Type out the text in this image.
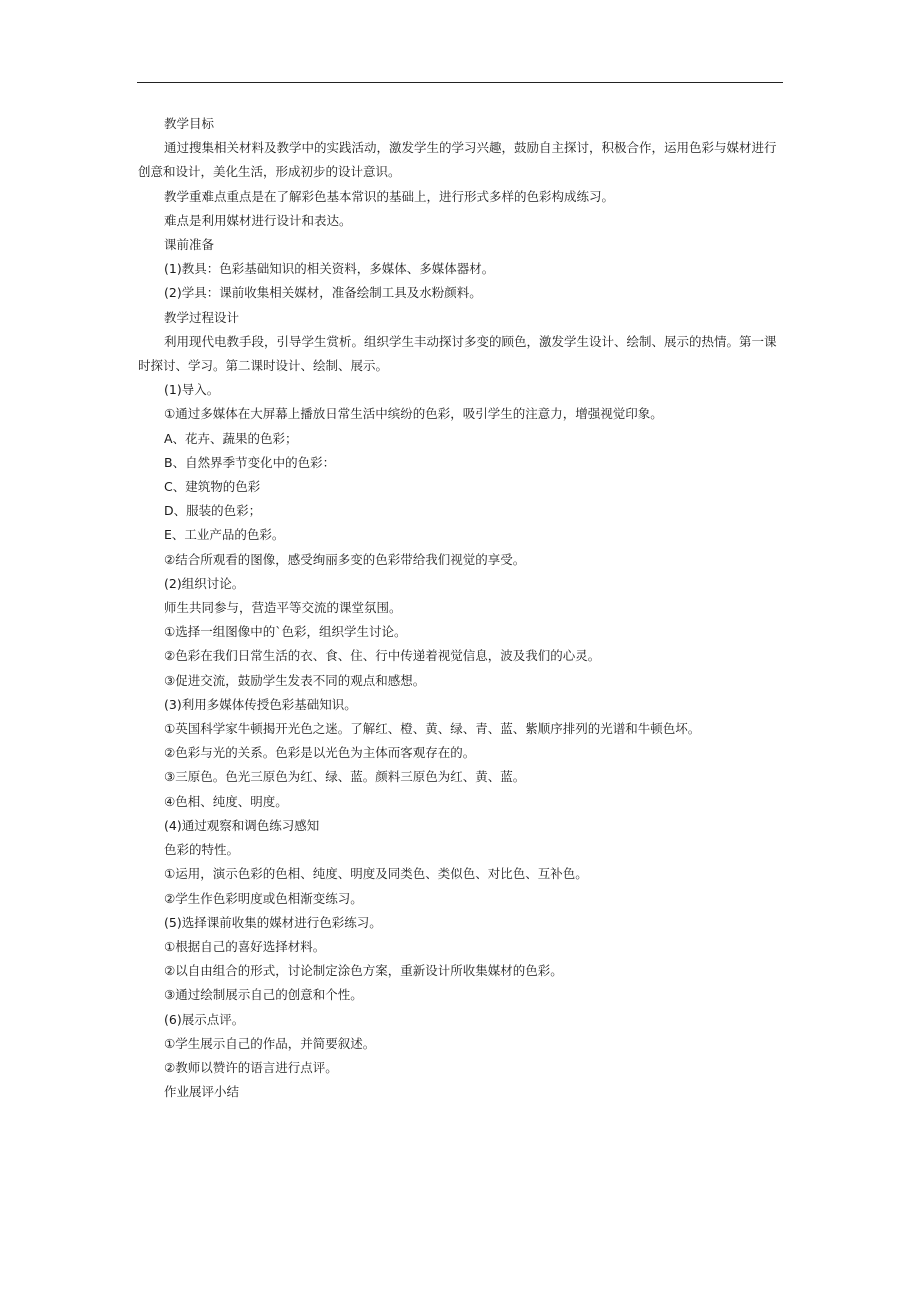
教学目标

通过搜集相关材料及教学中的实践活动，激发学生的学习兴趣，鼓励自主探讨，积极合作，运用色彩与媒材进行创意和设计，美化生活，形成初步的设计意识。

教学重难点重点是在了解彩色基本常识的基础上，进行形式多样的色彩构成练习。

难点是利用媒材进行设计和表达。

课前准备

(1)教具：色彩基础知识的相关资料，多媒体、多媒体器材。

(2)学具：课前收集相关媒材，准备绘制工具及水粉颜料。

教学过程设计

利用现代电教手段，引导学生赏析。组织学生丰动探讨多变的顾色，激发学生设计、绘制、展示的热情。第一课时探讨、学习。第二课时设计、绘制、展示。

(1)导入。

①通过多媒体在大屏幕上播放日常生活中缤纷的色彩，吸引学生的注意力，增强视觉印象。

A、花卉、蔬果的色彩；

B、自然界季节变化中的色彩：

C、建筑物的色彩

D、服装的色彩；

E、工业产品的色彩。

②结合所观看的图像，感受绚丽多变的色彩带给我们视觉的享受。

(2)组织讨论。

师生共同参与，营造平等交流的课堂氛围。

①选择一组图像中的`色彩，组织学生讨论。

②色彩在我们日常生活的衣、食、住、行中传递着视觉信息，波及我们的心灵。

③促进交流，鼓励学生发表不同的观点和感想。

(3)利用多媒体传授色彩基础知识。

①英国科学家牛顿揭开光色之迷。了解红、橙、黄、绿、青、蓝、紫顺序排列的光谱和牛顿色坏。

②色彩与光的关系。色彩是以光色为主体而客观存在的。

③三原色。色光三原色为红、绿、蓝。颜料三原色为红、黄、蓝。

④色相、纯度、明度。

(4)通过观察和调色练习感知

色彩的特性。

①运用，演示色彩的色相、纯度、明度及同类色、类似色、对比色、互补色。

②学生作色彩明度或色相渐变练习。

(5)选择课前收集的媒材进行色彩练习。

①根据自己的喜好选择材料。

②以自由组合的形式，讨论制定涂色方案，重新设计所收集媒材的色彩。

③通过绘制展示自己的创意和个性。

(6)展示点评。

①学生展示自己的作品，并简要叙述。

②教师以赞许的语言进行点评。

作业展评小结
